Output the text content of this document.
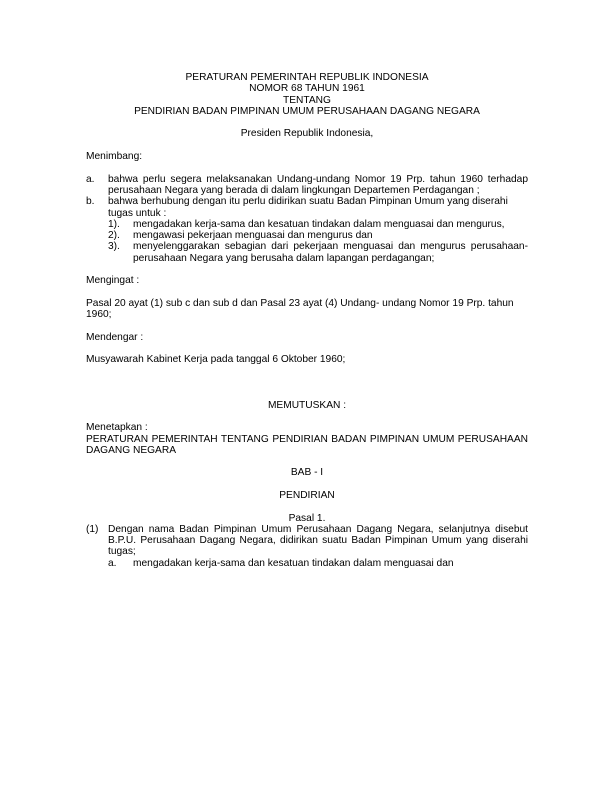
PERATURAN PEMERINTAH REPUBLIK INDONESIA
NOMOR 68 TAHUN 1961
TENTANG
PENDIRIAN BADAN PIMPINAN UMUM PERUSAHAAN DAGANG NEGARA
Presiden Republik Indonesia,
Menimbang:
a.	bahwa perlu segera melaksanakan Undang-undang Nomor 19 Prp. tahun 1960 terhadap perusahaan Negara yang berada di dalam lingkungan Departemen Perdagangan ;
b.	bahwa berhubung dengan itu perlu didirikan suatu Badan Pimpinan Umum yang diserahi tugas untuk :
1).	mengadakan kerja-sama dan kesatuan tindakan dalam menguasai dan mengurus,
2).	mengawasi pekerjaan menguasai dan mengurus dan
3).	menyelenggarakan sebagian dari pekerjaan menguasai dan mengurus perusahaan-perusahaan Negara yang berusaha dalam lapangan perdagangan;
Mengingat :
Pasal 20 ayat (1) sub c dan sub d dan Pasal 23 ayat (4) Undang- undang Nomor 19 Prp. tahun 1960;
Mendengar :
Musyawarah Kabinet Kerja pada tanggal 6 Oktober 1960;
MEMUTUSKAN :
Menetapkan :
PERATURAN PEMERINTAH TENTANG PENDIRIAN BADAN PIMPINAN UMUM PERUSAHAAN DAGANG NEGARA
BAB - I
PENDIRIAN
Pasal 1.
(1) Dengan nama Badan Pimpinan Umum Perusahaan Dagang Negara, selanjutnya disebut B.P.U. Perusahaan Dagang Negara, didirikan suatu Badan Pimpinan Umum yang diserahi tugas;
a.	mengadakan kerja-sama dan kesatuan tindakan dalam menguasai dan
